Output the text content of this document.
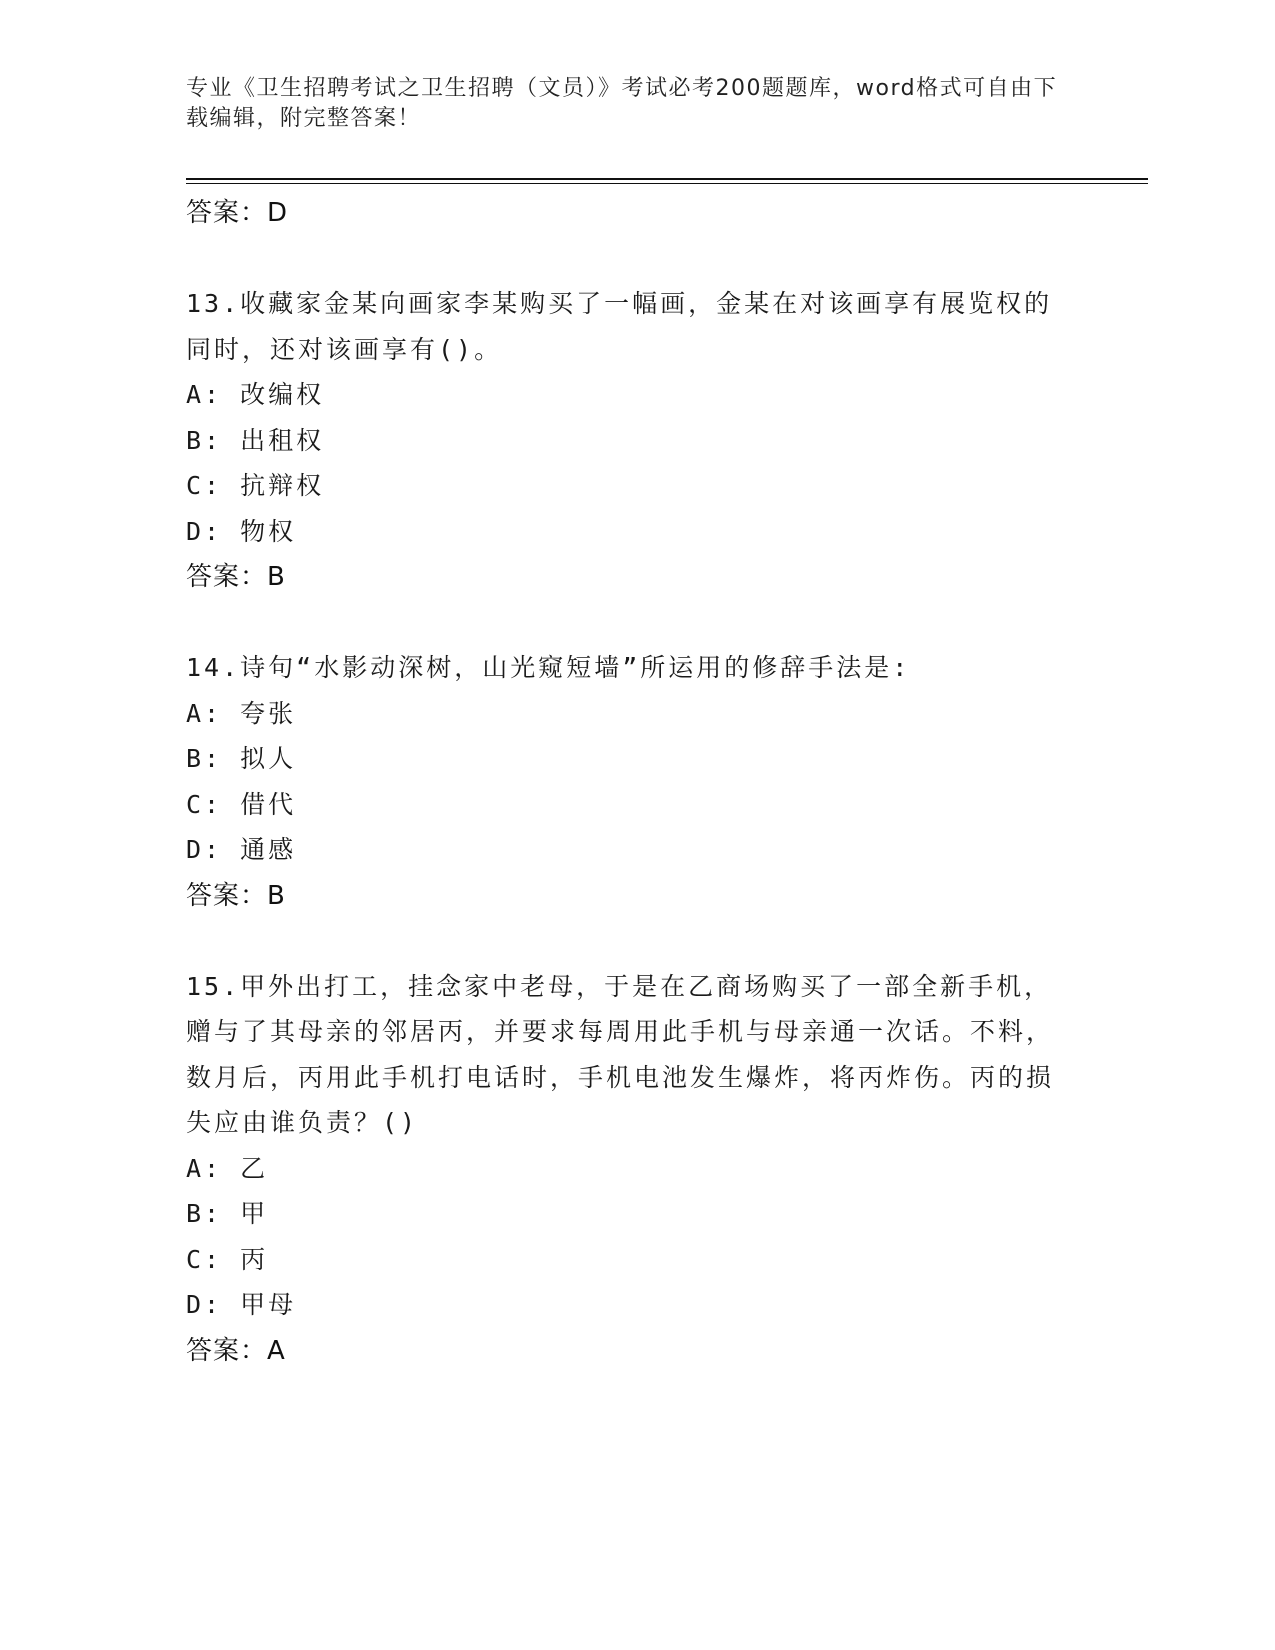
专业《卫生招聘考试之卫生招聘（文员）》考试必考200题题库，word格式可自由下载编辑，附完整答案！

答案：D

13.收藏家金某向画家李某购买了一幅画，金某在对该画享有展览权的同时，还对该画享有()。

A: 改编权

B: 出租权

C: 抗辩权

D: 物权

答案：B

14.诗句“水影动深树，山光窥短墙”所运用的修辞手法是:

A: 夸张

B: 拟人

C: 借代

D: 通感

答案：B

15.甲外出打工，挂念家中老母，于是在乙商场购买了一部全新手机，赠与了其母亲的邻居丙，并要求每周用此手机与母亲通一次话。不料，数月后，丙用此手机打电话时，手机电池发生爆炸，将丙炸伤。丙的损失应由谁负责？()

A: 乙

B: 甲

C: 丙

D: 甲母

答案：A
